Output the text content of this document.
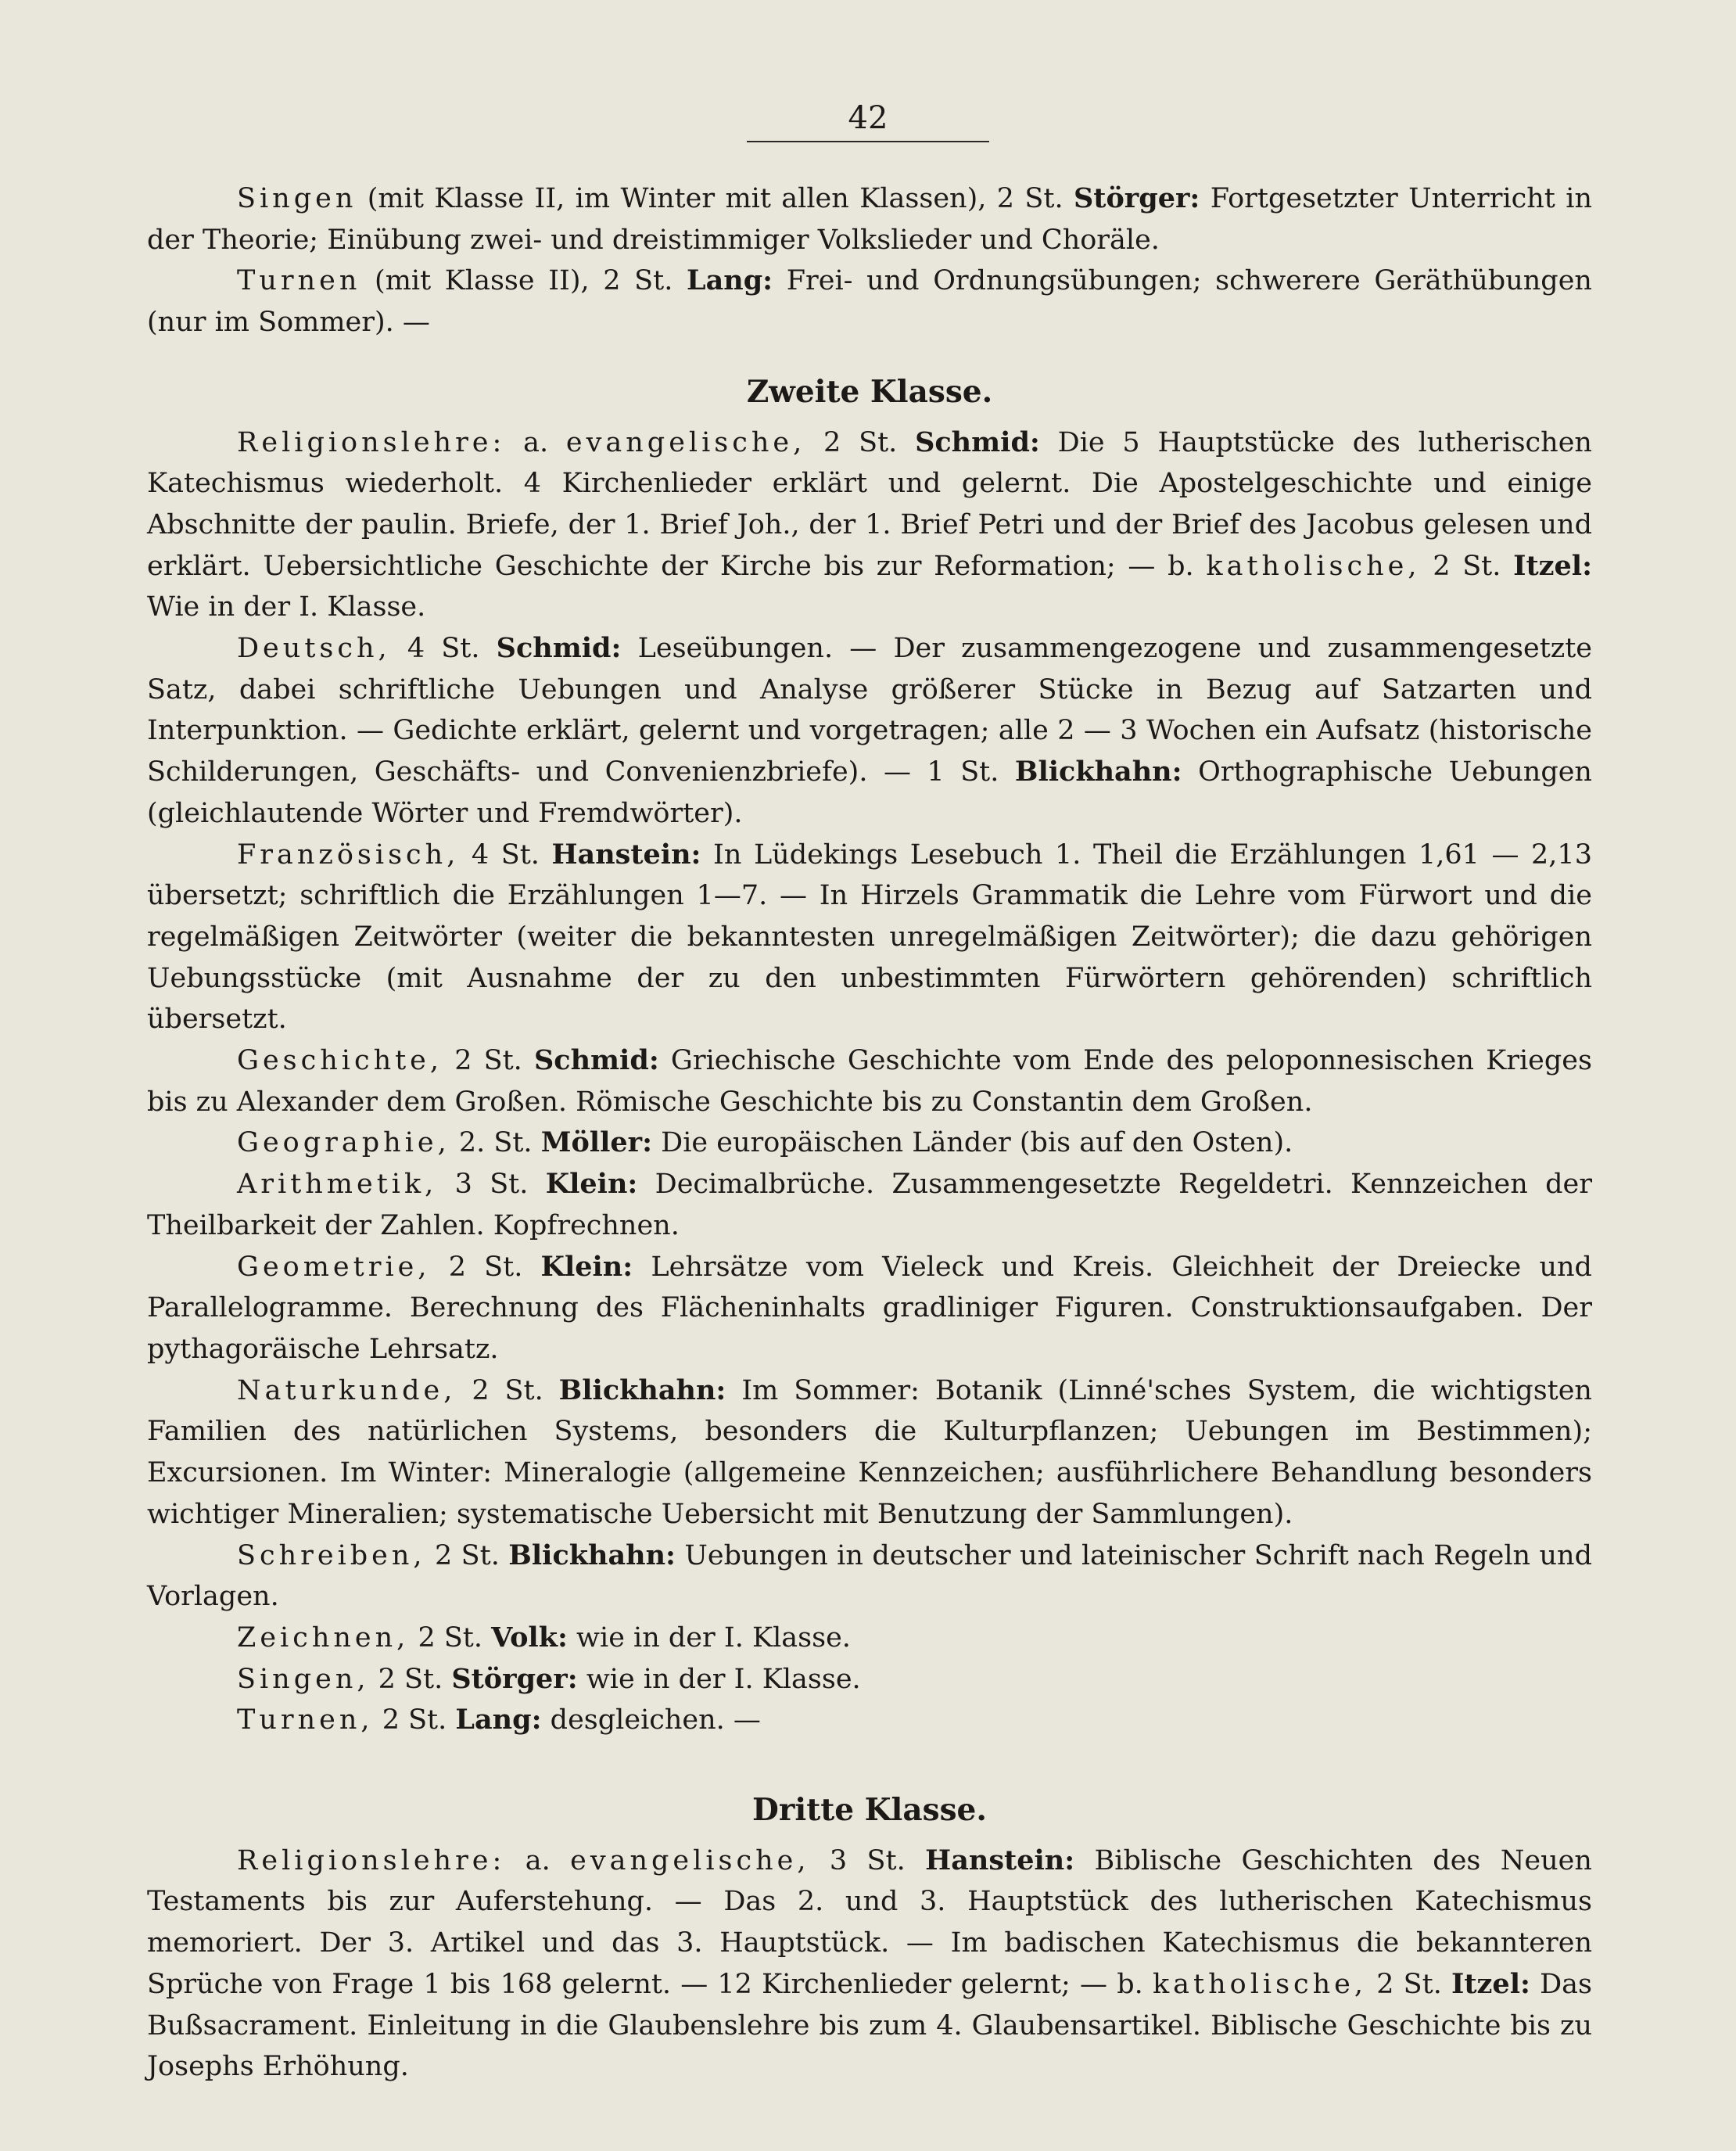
42

Singen (mit Klasse II, im Winter mit allen Klassen), 2 St. Störger: Fortgesetzter Unterricht in der Theorie; Einübung zwei- und dreistimmiger Volkslieder und Choräle.

Turnen (mit Klasse II), 2 St. Lang: Frei- und Ordnungsübungen; schwerere Geräthübungen (nur im Sommer). —

Zweite Klasse.

Religionslehre: a. evangelische, 2 St. Schmid: Die 5 Hauptstücke des lutherischen Katechismus wiederholt. 4 Kirchenlieder erklärt und gelernt. Die Apostelgeschichte und einige Abschnitte der paulin. Briefe, der 1. Brief Joh., der 1. Brief Petri und der Brief des Jacobus gelesen und erklärt. Uebersichtliche Geschichte der Kirche bis zur Reformation; — b. katholische, 2 St. Itzel: Wie in der I. Klasse.

Deutsch, 4 St. Schmid: Leseübungen. — Der zusammengezogene und zusammengesetzte Satz, dabei schriftliche Uebungen und Analyse größerer Stücke in Bezug auf Satzarten und Interpunktion. — Gedichte erklärt, gelernt und vorgetragen; alle 2 — 3 Wochen ein Aufsatz (historische Schilderungen, Geschäfts- und Convenienzbriefe). — 1 St. Blickhahn: Orthographische Uebungen (gleichlautende Wörter und Fremdwörter).

Französisch, 4 St. Hanstein: In Lüdekings Lesebuch 1. Theil die Erzählungen 1,61 — 2,13 übersetzt; schriftlich die Erzählungen 1—7. — In Hirzels Grammatik die Lehre vom Fürwort und die regelmäßigen Zeitwörter (weiter die bekanntesten unregelmäßigen Zeitwörter); die dazu gehörigen Uebungsstücke (mit Ausnahme der zu den unbestimmten Fürwörtern gehörenden) schriftlich übersetzt.

Geschichte, 2 St. Schmid: Griechische Geschichte vom Ende des peloponnesischen Krieges bis zu Alexander dem Großen. Römische Geschichte bis zu Constantin dem Großen.

Geographie, 2. St. Möller: Die europäischen Länder (bis auf den Osten).

Arithmetik, 3 St. Klein: Decimalbrüche. Zusammengesetzte Regeldetri. Kennzeichen der Theilbarkeit der Zahlen. Kopfrechnen.

Geometrie, 2 St. Klein: Lehrsätze vom Vieleck und Kreis. Gleichheit der Dreiecke und Parallelogramme. Berechnung des Flächeninhalts gradliniger Figuren. Construktionsaufgaben. Der pythagoräische Lehrsatz.

Naturkunde, 2 St. Blickhahn: Im Sommer: Botanik (Linné'sches System, die wichtigsten Familien des natürlichen Systems, besonders die Kulturpflanzen; Uebungen im Bestimmen); Excursionen. Im Winter: Mineralogie (allgemeine Kennzeichen; ausführlichere Behandlung besonders wichtiger Mineralien; systematische Uebersicht mit Benutzung der Sammlungen).

Schreiben, 2 St. Blickhahn: Uebungen in deutscher und lateinischer Schrift nach Regeln und Vorlagen.

Zeichnen, 2 St. Volk: wie in der I. Klasse.

Singen, 2 St. Störger: wie in der I. Klasse.

Turnen, 2 St. Lang: desgleichen. —

Dritte Klasse.

Religionslehre: a. evangelische, 3 St. Hanstein: Biblische Geschichten des Neuen Testaments bis zur Auferstehung. — Das 2. und 3. Hauptstück des lutherischen Katechismus memoriert. Der 3. Artikel und das 3. Hauptstück. — Im badischen Katechismus die bekannteren Sprüche von Frage 1 bis 168 gelernt. — 12 Kirchenlieder gelernt; — b. katholische, 2 St. Itzel: Das Bußsacrament. Einleitung in die Glaubenslehre bis zum 4. Glaubensartikel. Biblische Geschichte bis zu Josephs Erhöhung.
